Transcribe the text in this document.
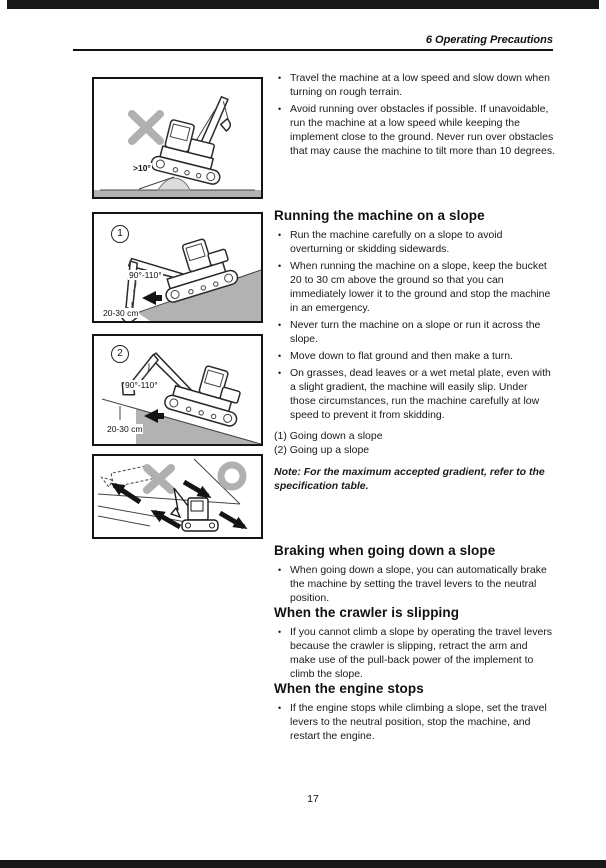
6 Operating Precautions
>10°
1
90°-110°
20-30 cm
2
90°-110°
20-30 cm
• Travel the machine at a low speed and slow down when turning on rough terrain.
• Avoid running over obstacles if possible. If unavoidable, run the machine at a low speed while keeping the implement close to the ground. Never run over obstacles that may cause the machine to tilt more than 10 degrees.
Running the machine on a slope
• Run the machine carefully on a slope to avoid overturning or skidding sidewards.
• When running the machine on a slope, keep the bucket 20 to 30 cm above the ground so that you can immediately lower it to the ground and stop the machine in an emergency.
• Never turn the machine on a slope or run it across the slope.
• Move down to flat ground and then make a turn.
• On grasses, dead leaves or a wet metal plate, even with a slight gradient, the machine will easily slip. Under those circumstances, run the machine carefully at low speed to prevent it from skidding.
(1) Going down a slope
(2) Going up a slope
Note: For the maximum accepted gradient, refer to the specification table.
Braking when going down a slope
• When going down a slope, you can automatically brake the machine by setting the travel levers to the neutral position.
When the crawler is slipping
• If you cannot climb a slope by operating the travel levers because the crawler is slipping, retract the arm and make use of the pull-back power of the implement to climb the slope.
When the engine stops
• If the engine stops while climbing a slope, set the travel levers to the neutral position, stop the machine, and restart the engine.
17
